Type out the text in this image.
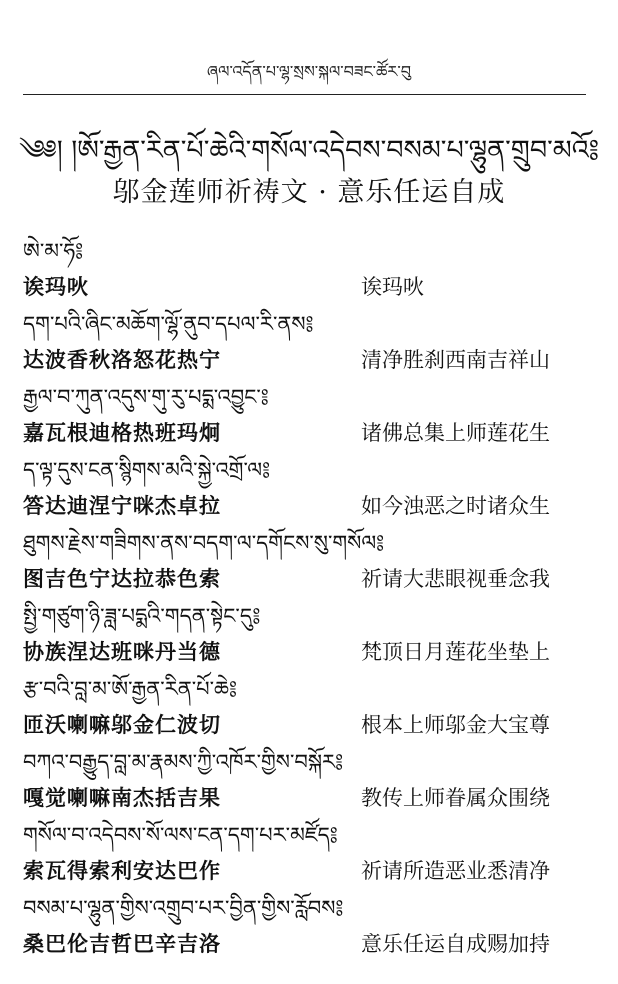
ཞལ་འདོན་པ་ལྷ་སྲས་སྐལ་བཟང་ཚོར་བུ
༄༅། །ཨོ་རྒྱན་རིན་པོ་ཆེའི་གསོལ་འདེབས་བསམ་པ་ལྷུན་གྲུབ་མའོ༔
邬金莲师祈祷文 · 意乐任运自成
ཨེ་མ་ཧོ༔
诶玛吙	诶玛吙
དག་པའི་ཞིང་མཆོག་ལྷོ་ནུབ་དཔལ་རི་ནས༔
达波香秋洛怒花热宁	清净胜刹西南吉祥山
རྒྱལ་བ་ཀུན་འདུས་གུ་རུ་པདྨ་འབྱུང་༔
嘉瓦根迪格热班玛炯	诸佛总集上师莲花生
ད་ལྟ་དུས་ངན་སྙིགས་མའི་སྐྱེ་འགྲོ་ལ༔
答达迪涅宁咪杰卓拉	如今浊恶之时诸众生
ཐུགས་རྗེས་གཟིགས་ནས་བདག་ལ་དགོངས་སུ་གསོལ༔
图吉色宁达拉恭色索	祈请大悲眼视垂念我
སྤྱི་གཙུག་ཉི་ཟླ་པདྨའི་གདན་སྟེང་དུ༔
协族涅达班咪丹当德	梵顶日月莲花坐垫上
རྩ་བའི་བླ་མ་ཨོ་རྒྱན་རིན་པོ་ཆེ༔
匝沃喇嘛邬金仁波切	根本上师邬金大宝尊
བཀའ་བརྒྱུད་བླ་མ་རྣམས་ཀྱི་འཁོར་གྱིས་བསྐོར༔
嘎觉喇嘛南杰括吉果	教传上师眷属众围绕
གསོལ་བ་འདེབས་སོ་ལས་ངན་དག་པར་མཛོད༔
索瓦得索利安达巴作	祈请所造恶业悉清净
བསམ་པ་ལྷུན་གྱིས་འགྲུབ་པར་བྱིན་གྱིས་རློབས༔
桑巴伦吉哲巴辛吉洛	意乐任运自成赐加持
